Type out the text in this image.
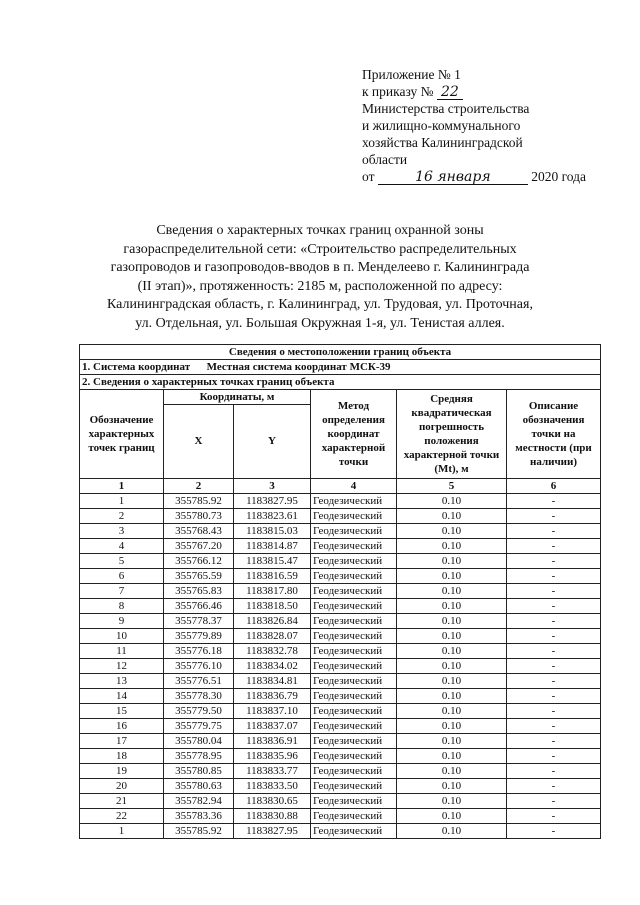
Приложение № 1
к приказу № 22
Министерства строительства
и жилищно-коммунального
хозяйства Калининградской
области
от	16 января	2020 года
Сведения о характерных точках границ охранной зоны
газораспределительной сети: «Строительство распределительных
газопроводов и газопроводов-вводов в п. Менделеево г. Калининграда
(II этап)», протяженность: 2185 м, расположенной по адресу:
Калининградская область, г. Калининград, ул. Трудовая, ул. Проточная,
ул. Отдельная, ул. Большая Окружная 1-я, ул. Тенистая аллея.
Сведения о местоположении границ объекта					
1. Система координат Местная система координат МСК-39					
2. Сведения о характерных точках границ объекта					
Обозначение характерных точек границ	Координаты, м		Метод определения координат характерной точки	Средняя квадратическая погрешность положения характерной точки (Mt), м	Описание обозначения точки на местности (при наличии)
	X	Y			
1	2	3	4	5	6
1	355785.92	1183827.95	Геодезический	0.10	-
2	355780.73	1183823.61	Геодезический	0.10	-
3	355768.43	1183815.03	Геодезический	0.10	-
4	355767.20	1183814.87	Геодезический	0.10	-
5	355766.12	1183815.47	Геодезический	0.10	-
6	355765.59	1183816.59	Геодезический	0.10	-
7	355765.83	1183817.80	Геодезический	0.10	-
8	355766.46	1183818.50	Геодезический	0.10	-
9	355778.37	1183826.84	Геодезический	0.10	-
10	355779.89	1183828.07	Геодезический	0.10	-
11	355776.18	1183832.78	Геодезический	0.10	-
12	355776.10	1183834.02	Геодезический	0.10	-
13	355776.51	1183834.81	Геодезический	0.10	-
14	355778.30	1183836.79	Геодезический	0.10	-
15	355779.50	1183837.10	Геодезический	0.10	-
16	355779.75	1183837.07	Геодезический	0.10	-
17	355780.04	1183836.91	Геодезический	0.10	-
18	355778.95	1183835.96	Геодезический	0.10	-
19	355780.85	1183833.77	Геодезический	0.10	-
20	355780.63	1183833.50	Геодезический	0.10	-
21	355782.94	1183830.65	Геодезический	0.10	-
22	355783.36	1183830.88	Геодезический	0.10	-
1	355785.92	1183827.95	Геодезический	0.10	-
